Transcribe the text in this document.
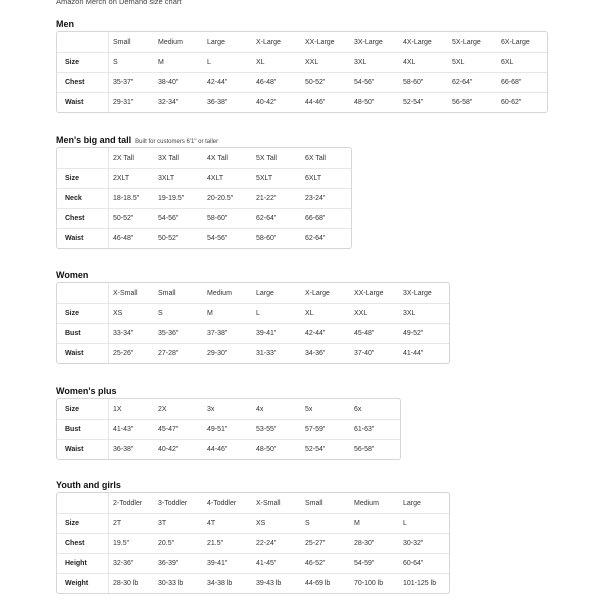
Amazon Merch on Demand size chart
Men
	Small	Medium	Large	X-Large	XX-Large	3X-Large	4X-Large	5X-Large	6X-Large
Size	S	M	L	XL	XXL	3XL	4XL	5XL	6XL
Chest	35-37"	38-40"	42-44"	46-48"	50-52"	54-56"	58-60"	62-64"	66-68"
Waist	29-31"	32-34"	36-38"	40-42"	44-46"	48-50"	52-54"	56-58"	60-62"
Men's big and tall Built for customers 6'1" or taller
	2X Tall	3X Tall	4X Tall	5X Tall	6X Tall
Size	2XLT	3XLT	4XLT	5XLT	6XLT
Neck	18-18.5"	19-19.5"	20-20.5"	21-22"	23-24"
Chest	50-52"	54-56"	58-60"	62-64"	66-68"
Waist	46-48"	50-52"	54-56"	58-60"	62-64"
Women
	X-Small	Small	Medium	Large	X-Large	XX-Large	3X-Large
Size	XS	S	M	L	XL	XXL	3XL
Bust	33-34"	35-36"	37-38"	39-41"	42-44"	45-48"	49-52"
Waist	25-26"	27-28"	29-30"	31-33"	34-36"	37-40"	41-44"
Women's plus
Size	1X	2X	3x	4x	5x	6x
Bust	41-43"	45-47"	49-51"	53-55"	57-59"	61-63"
Waist	36-38"	40-42"	44-46"	48-50"	52-54"	56-58"
Youth and girls
	2-Toddler	3-Toddler	4-Toddler	X-Small	Small	Medium	Large
Size	2T	3T	4T	XS	S	M	L
Chest	19.5"	20.5"	21.5"	22-24"	25-27"	28-30"	30-32"
Height	32-36"	36-39"	39-41"	41-45"	46-52"	54-59"	60-64"
Weight	28-30 lb	30-33 lb	34-38 lb	39-43 lb	44-69 lb	70-100 lb	101-125 lb
